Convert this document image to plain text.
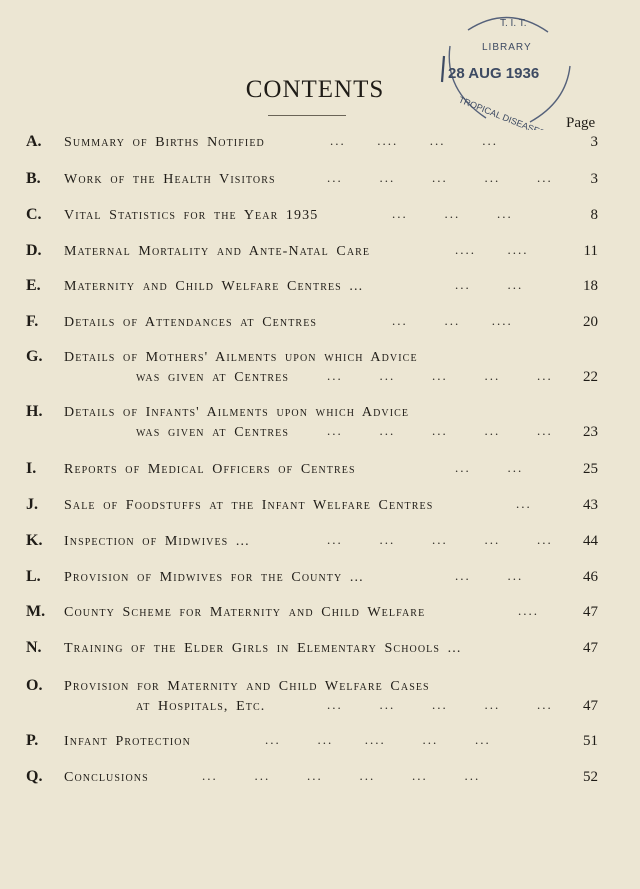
T. I. T.
LIBRARY
28 AUG 1936
TROPICAL DISEASES
CONTENTS
Page
A. Summary of Births Notified	...      ....      ...       ...	3
B. Work of the Health Visitors	...       ...       ...       ...       ...	3
C. Vital Statistics for the Year 1935	...       ...       ...	8
D. Maternal Mortality and Ante-Natal Care	....      ....	11
E. Maternity and Child Welfare Centres ...	...       ...	18
F. Details of Attendances at Centres	...       ...      ....	20
G. Details of Mothers' Ailments upon which Advice
was given at Centres	...       ...       ...       ...       ... 22
H. Details of Infants' Ailments upon which Advice
was given at Centres	...       ...       ...       ...       ... 23
I. Reports of Medical Officers of Centres	...       ...	25
J. Sale of Foodstuffs at the Infant Welfare Centres	...	43
K. Inspection of Midwives ...	...       ...       ...       ...       ... 44
L. Provision of Midwives for the County ...	...       ...	46
M. County Scheme for Maternity and Child Welfare	....	47
N. Training of the Elder Girls in Elementary Schools ...	47
O. Provision for Maternity and Child Welfare Cases
at Hospitals, Etc.	...       ...       ...       ...       ... 47
P. Infant Protection	...       ...      ....       ...       ...	51
Q. Conclusions	...       ...       ...       ...       ...       ...	52
